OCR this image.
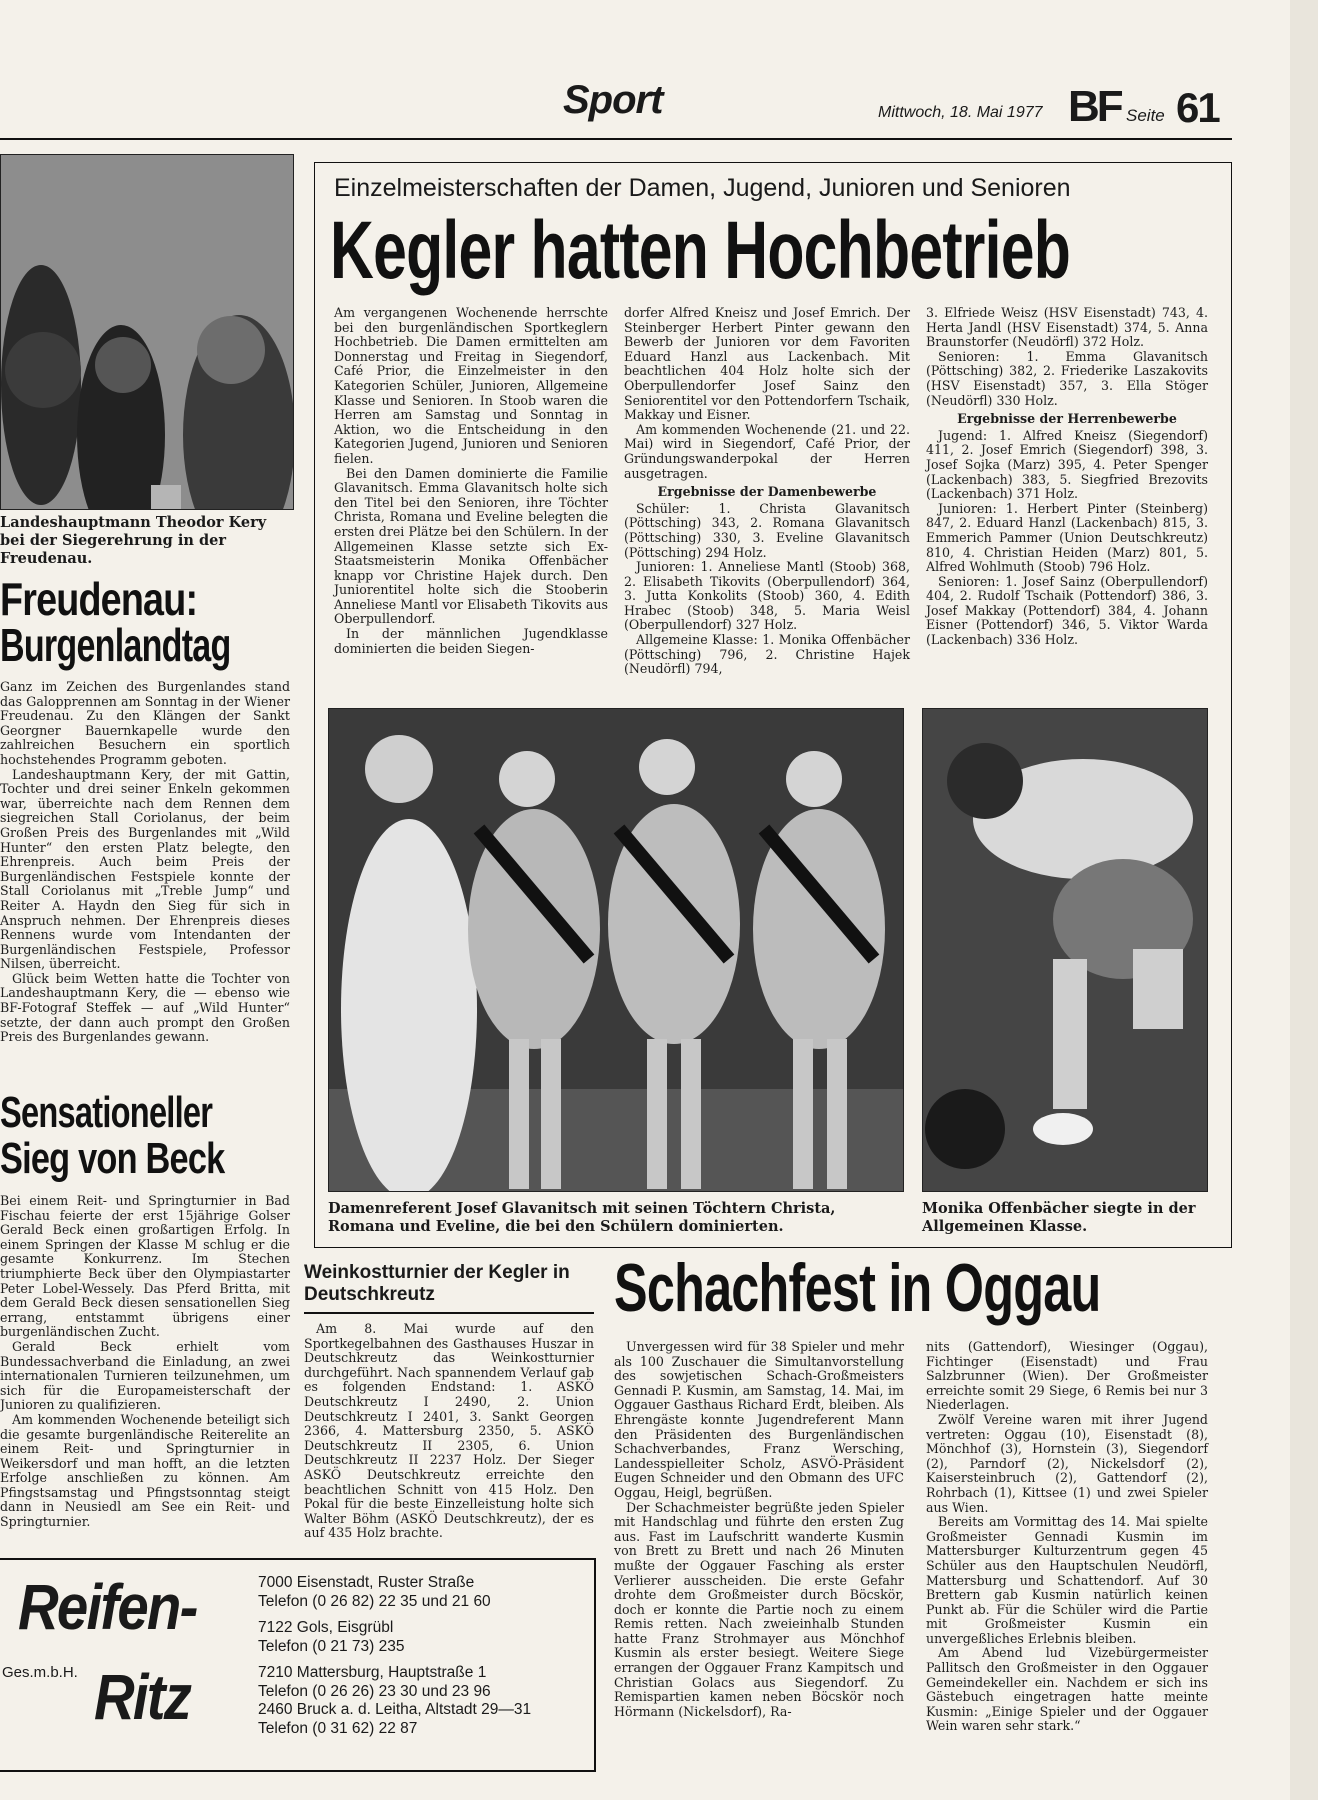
Sport	Mittwoch, 18. Mai 1977 BF Seite 61

Landeshauptmann Theodor Kery bei der Siegerehrung in der Freudenau.

Freudenau:

Burgenlandtag

Ganz im Zeichen des Burgenlandes stand das Galopprennen am Sonntag in der Wiener Freudenau. Zu den Klängen der Sankt Georgner Bauernkapelle wurde den zahlreichen Besuchern ein sportlich hochstehendes Programm geboten.

Landeshauptmann Kery, der mit Gattin, Tochter und drei seiner Enkeln gekommen war, überreichte nach dem Rennen dem siegreichen Stall Coriolanus, der beim Großen Preis des Burgenlandes mit „Wild Hunter“ den ersten Platz belegte, den Ehrenpreis. Auch beim Preis der Burgenländischen Festspiele konnte der Stall Coriolanus mit „Treble Jump“ und Reiter A. Haydn den Sieg für sich in Anspruch nehmen. Der Ehrenpreis dieses Rennens wurde vom Intendanten der Burgenländischen Festspiele, Professor Nilsen, überreicht.

Glück beim Wetten hatte die Tochter von Landeshauptmann Kery, die — ebenso wie BF-Fotograf Steffek — auf „Wild Hunter“ setzte, der dann auch prompt den Großen Preis des Burgenlandes gewann.

Sensationeller

Sieg von Beck

Bei einem Reit- und Springturnier in Bad Fischau feierte der erst 15jährige Golser Gerald Beck einen großartigen Erfolg. In einem Springen der Klasse M schlug er die gesamte Konkurrenz. Im Stechen triumphierte Beck über den Olympiastarter Peter Lobel-Wessely. Das Pferd Britta, mit dem Gerald Beck diesen sensationellen Sieg errang, entstammt übrigens einer burgenländischen Zucht.

Gerald Beck erhielt vom Bundessachverband die Einladung, an zwei internationalen Turnieren teilzunehmen, um sich für die Europameisterschaft der Junioren zu qualifizieren.

Am kommenden Wochenende beteiligt sich die gesamte burgenländische Reiterelite an einem Reit- und Springturnier in Weikersdorf und man hofft, an die letzten Erfolge anschließen zu können. Am Pfingstsamstag und Pfingstsonntag steigt dann in Neusiedl am See ein Reit- und Springturnier.

Einzelmeisterschaften der Damen, Jugend, Junioren und Senioren

Kegler hatten Hochbetrieb

Am vergangenen Wochenende herrschte bei den burgenländischen Sportkeglern Hochbetrieb. Die Damen ermittelten am Donnerstag und Freitag in Siegendorf, Café Prior, die Einzelmeister in den Kategorien Schüler, Junioren, Allgemeine Klasse und Senioren. In Stoob waren die Herren am Samstag und Sonntag in Aktion, wo die Entscheidung in den Kategorien Jugend, Junioren und Senioren fielen.

Bei den Damen dominierte die Familie Glavanitsch. Emma Glavanitsch holte sich den Titel bei den Senioren, ihre Töchter Christa, Romana und Eveline belegten die ersten drei Plätze bei den Schülern. In der Allgemeinen Klasse setzte sich Ex-Staatsmeisterin Monika Offenbächer knapp vor Christine Hajek durch. Den Juniorentitel holte sich die Stooberin Anneliese Mantl vor Elisabeth Tikovits aus Oberpullendorf.

In der männlichen Jugendklasse dominierten die beiden Siegen-

dorfer Alfred Kneisz und Josef Emrich. Der Steinberger Herbert Pinter gewann den Bewerb der Junioren vor dem Favoriten Eduard Hanzl aus Lackenbach. Mit beachtlichen 404 Holz holte sich der Oberpullendorfer Josef Sainz den Seniorentitel vor den Pottendorfern Tschaik, Makkay und Eisner.

Am kommenden Wochenende (21. und 22. Mai) wird in Siegendorf, Café Prior, der Gründungswanderpokal der Herren ausgetragen.

Ergebnisse der Damenbewerbe

Schüler: 1. Christa Glavanitsch (Pöttsching) 343, 2. Romana Glavanitsch (Pöttsching) 330, 3. Eveline Glavanitsch (Pöttsching) 294 Holz.

Junioren: 1. Anneliese Mantl (Stoob) 368, 2. Elisabeth Tikovits (Oberpullendorf) 364, 3. Jutta Konkolits (Stoob) 360, 4. Edith Hrabec (Stoob) 348, 5. Maria Weisl (Oberpullendorf) 327 Holz.

Allgemeine Klasse: 1. Monika Offenbächer (Pöttsching) 796, 2. Christine Hajek (Neudörfl) 794,

3. Elfriede Weisz (HSV Eisenstadt) 743, 4. Herta Jandl (HSV Eisenstadt) 374, 5. Anna Braunstorfer (Neudörfl) 372 Holz.

Senioren: 1. Emma Glavanitsch (Pöttsching) 382, 2. Friederike Laszakovits (HSV Eisenstadt) 357, 3. Ella Stöger (Neudörfl) 330 Holz.

Ergebnisse der Herrenbewerbe

Jugend: 1. Alfred Kneisz (Siegendorf) 411, 2. Josef Emrich (Siegendorf) 398, 3. Josef Sojka (Marz) 395, 4. Peter Spenger (Lackenbach) 383, 5. Siegfried Brezovits (Lackenbach) 371 Holz.

Junioren: 1. Herbert Pinter (Steinberg) 847, 2. Eduard Hanzl (Lackenbach) 815, 3. Emmerich Pammer (Union Deutschkreutz) 810, 4. Christian Heiden (Marz) 801, 5. Alfred Wohlmuth (Stoob) 796 Holz.

Senioren: 1. Josef Sainz (Oberpullendorf) 404, 2. Rudolf Tschaik (Pottendorf) 386, 3. Josef Makkay (Pottendorf) 384, 4. Johann Eisner (Pottendorf) 346, 5. Viktor Warda (Lackenbach) 336 Holz.

Damenreferent Josef Glavanitsch mit seinen Töchtern Christa, Romana und Eveline, die bei den Schülern dominierten.

Monika Offenbächer siegte in der Allgemeinen Klasse.

Weinkostturnier der Kegler in Deutschkreutz

Am 8. Mai wurde auf den Sportkegelbahnen des Gasthauses Huszar in Deutschkreutz das Weinkostturnier durchgeführt. Nach spannendem Verlauf gab es folgenden Endstand: 1. ASKÖ Deutschkreutz I 2490, 2. Union Deutschkreutz I 2401, 3. Sankt Georgen 2366, 4. Mattersburg 2350, 5. ASKÖ Deutschkreutz II 2305, 6. Union Deutschkreutz II 2237 Holz. Der Sieger ASKÖ Deutschkreutz erreichte den beachtlichen Schnitt von 415 Holz. Den Pokal für die beste Einzelleistung holte sich Walter Böhm (ASKÖ Deutschkreutz), der es auf 435 Holz brachte.

Schachfest in Oggau

Unvergessen wird für 38 Spieler und mehr als 100 Zuschauer die Simultanvorstellung des sowjetischen Schach-Großmeisters Gennadi P. Kusmin, am Samstag, 14. Mai, im Oggauer Gasthaus Richard Erdt, bleiben. Als Ehrengäste konnte Jugendreferent Mann den Präsidenten des Burgenländischen Schachverbandes, Franz Wersching, Landesspielleiter Scholz, ASVÖ-Präsident Eugen Schneider und den Obmann des UFC Oggau, Heigl, begrüßen.

Der Schachmeister begrüßte jeden Spieler mit Handschlag und führte den ersten Zug aus. Fast im Laufschritt wanderte Kusmin von Brett zu Brett und nach 26 Minuten mußte der Oggauer Fasching als erster Verlierer ausscheiden. Die erste Gefahr drohte dem Großmeister durch Böcskör, doch er konnte die Partie noch zu einem Remis retten. Nach zweieinhalb Stunden hatte Franz Strohmayer aus Mönchhof Kusmin als erster besiegt. Weitere Siege errangen der Oggauer Franz Kampitsch und Christian Golacs aus Siegendorf. Zu Remispartien kamen neben Böcskör noch Hörmann (Nickelsdorf), Ra-

nits (Gattendorf), Wiesinger (Oggau), Fichtinger (Eisenstadt) und Frau Salzbrunner (Wien). Der Großmeister erreichte somit 29 Siege, 6 Remis bei nur 3 Niederlagen.

Zwölf Vereine waren mit ihrer Jugend vertreten: Oggau (10), Eisenstadt (8), Mönchhof (3), Hornstein (3), Siegendorf (2), Parndorf (2), Nickelsdorf (2), Kaisersteinbruch (2), Gattendorf (2), Rohrbach (1), Kittsee (1) und zwei Spieler aus Wien.

Bereits am Vormittag des 14. Mai spielte Großmeister Gennadi Kusmin im Mattersburger Kulturzentrum gegen 45 Schüler aus den Hauptschulen Neudörfl, Mattersburg und Schattendorf. Auf 30 Brettern gab Kusmin natürlich keinen Punkt ab. Für die Schüler wird die Partie mit Großmeister Kusmin ein unvergeßliches Erlebnis bleiben.

Am Abend lud Vizebürgermeister Pallitsch den Großmeister in den Oggauer Gemeindekeller ein. Nachdem er sich ins Gästebuch eingetragen hatte meinte Kusmin: „Einige Spieler und der Oggauer Wein waren sehr stark.“

Reifen-
Ges.m.b.H. Ritz

7000 Eisenstadt, Ruster Straße

Telefon (0 26 82) 22 35 und 21 60

7122 Gols, Eisgrübl

Telefon (0 21 73) 235

7210 Mattersburg, Hauptstraße 1

Telefon (0 26 26) 23 30 und 23 96

2460 Bruck a. d. Leitha, Altstadt 29—31

Telefon (0 31 62) 22 87
